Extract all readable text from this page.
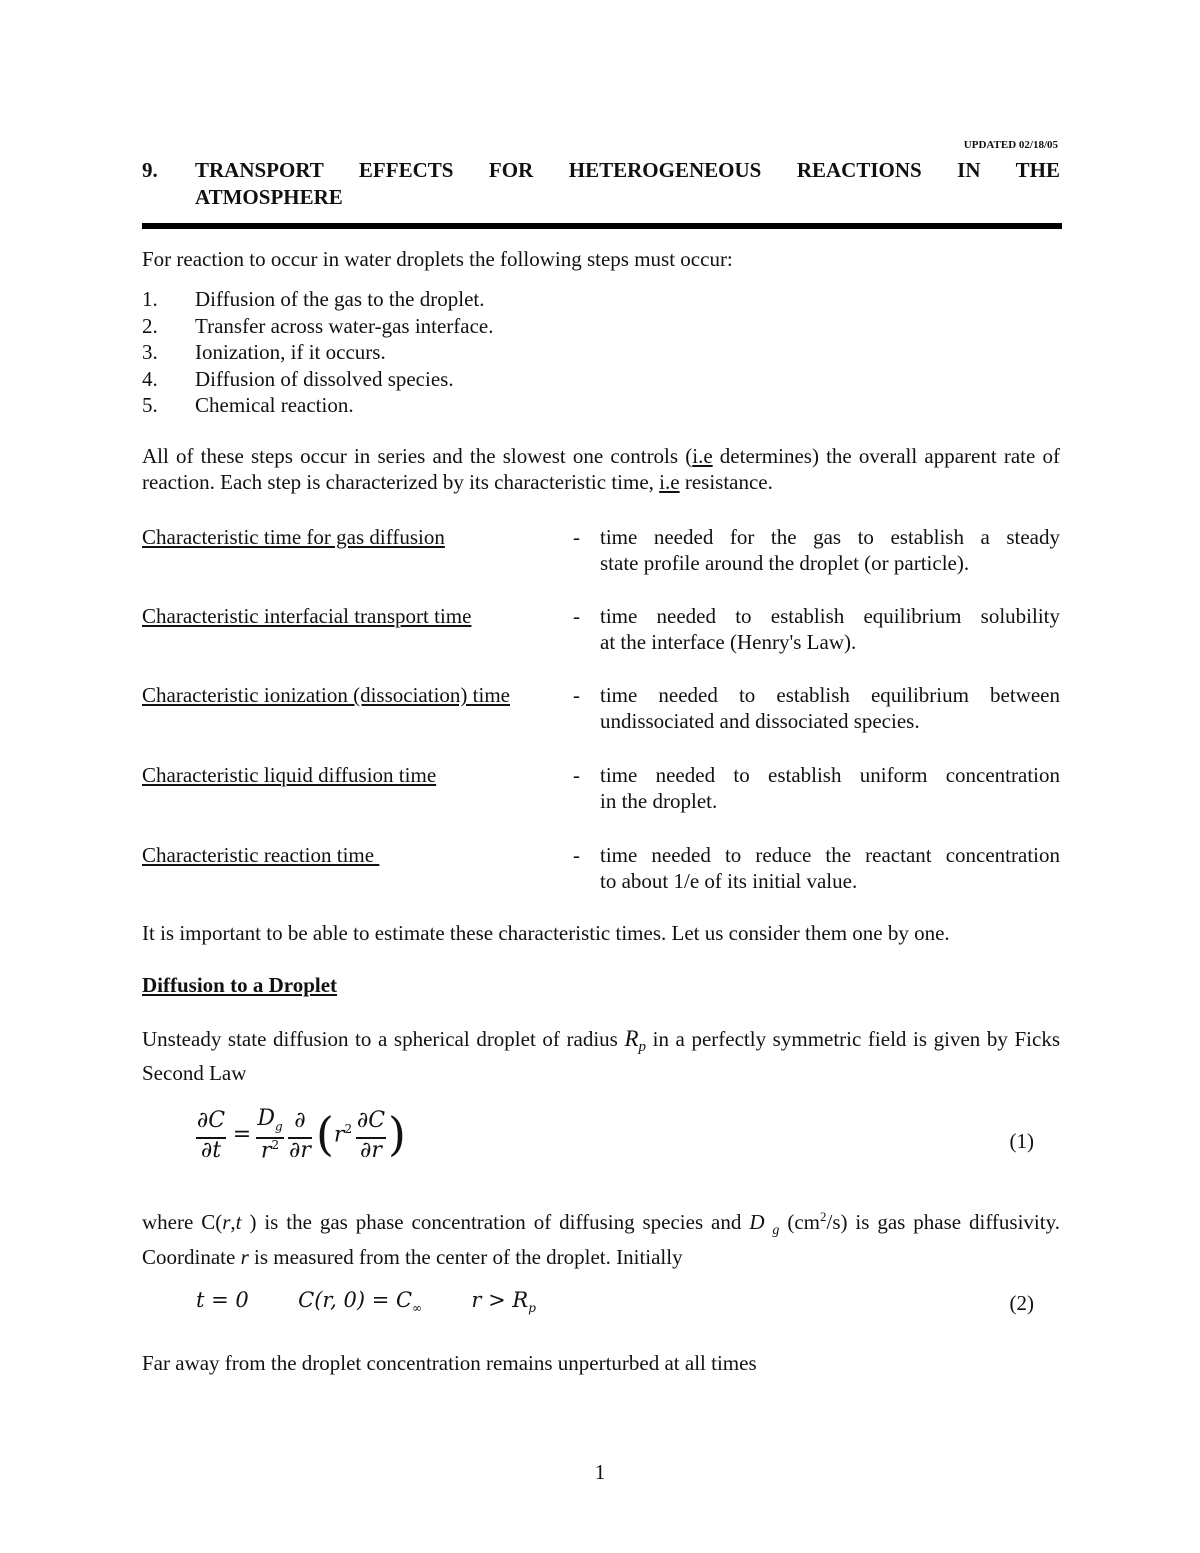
UPDATED 02/18/05
9. TRANSPORT EFFECTS FOR HETEROGENEOUS REACTIONS IN THE
ATMOSPHERE
For reaction to occur in water droplets the following steps must occur:
1. Diffusion of the gas to the droplet.
2. Transfer across water-gas interface.
3. Ionization, if it occurs.
4. Diffusion of dissolved species.
5. Chemical reaction.
All of these steps occur in series and the slowest one controls (i.e determines) the overall apparent rate of reaction. Each step is characterized by its characteristic time, i.e resistance.
Characteristic time for gas diffusion	- time needed for the gas to establish a steady
state profile around the droplet (or particle).
Characteristic interfacial transport time	- time needed to establish equilibrium solubility
at the interface (Henry's Law).
Characteristic ionization (dissociation) time	- time needed to establish equilibrium between
undissociated and dissociated species.
Characteristic liquid diffusion time	- time needed to establish uniform concentration
in the droplet.
Characteristic reaction time	- time needed to reduce the reactant concentration
to about 1/e of its initial value.
It is important to be able to estimate these characteristic times. Let us consider them one by one.
Diffusion to a Droplet
Unsteady state diffusion to a spherical droplet of radius $R_p$ in a perfectly symmetric field is given by Ficks Second Law
∂C
∂t
=
$D_g$
$r^2$
∂
∂r ( $r^2$ ∂C
∂r )	(1)
where C(r,t ) is the gas phase concentration of diffusing species and D $_g$ $(cm^2/s)$ is gas phase diffusivity. Coordinate r is measured from the center of the droplet. Initially
t = 0 C(r, $0) = C_\infty$ $r > R_p$	(2)
Far away from the droplet concentration remains unperturbed at all times
1
